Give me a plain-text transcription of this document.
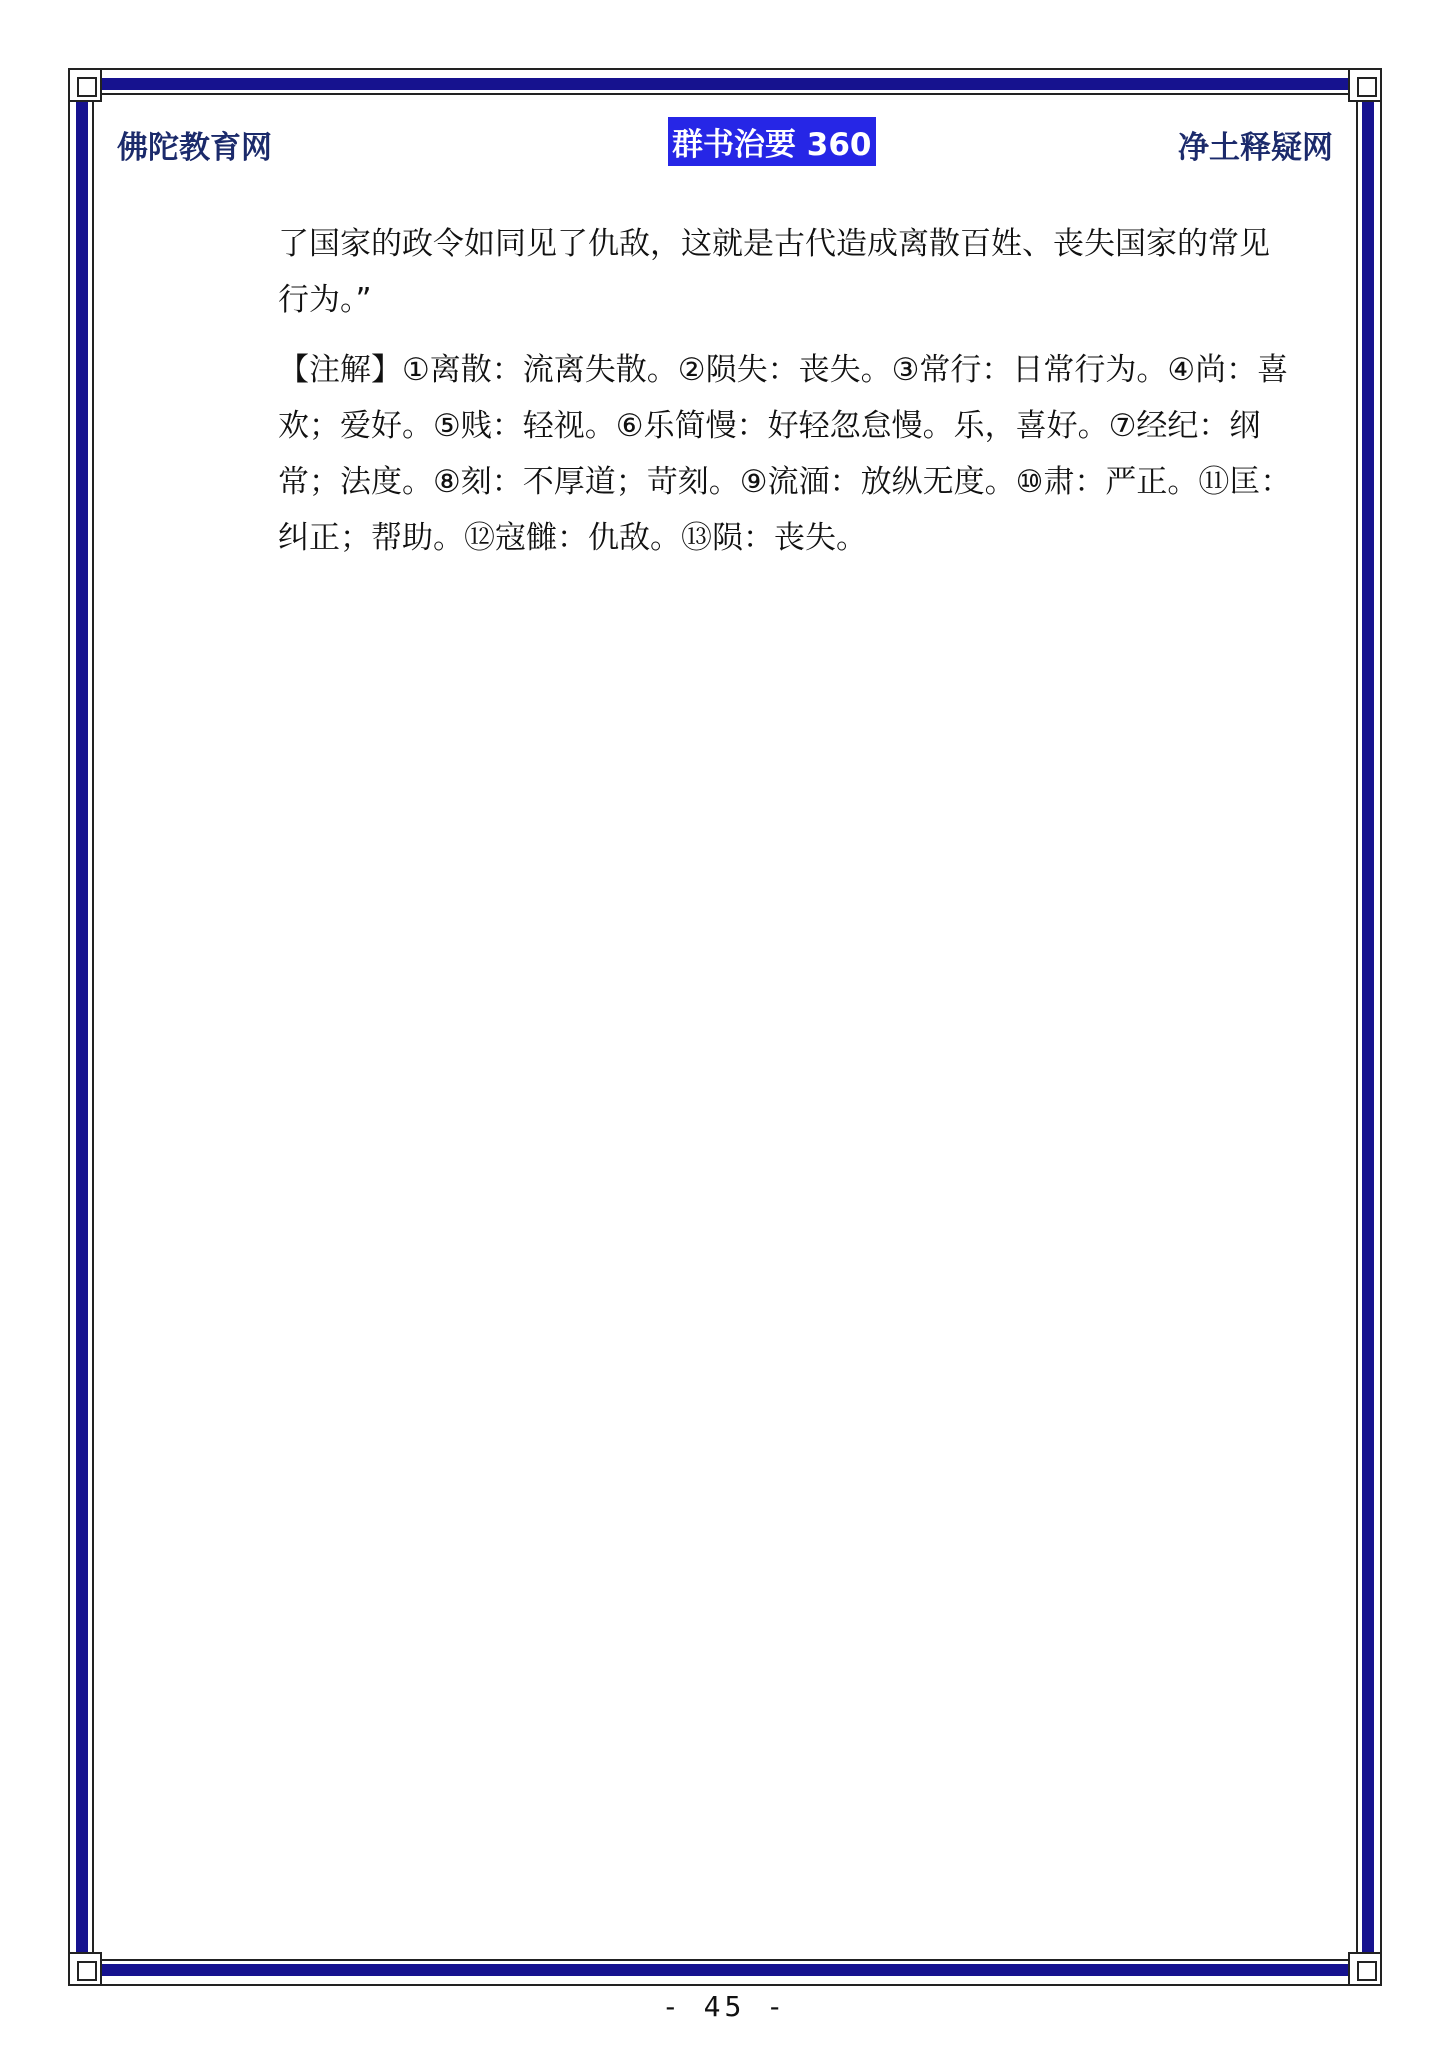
佛陀教育网	群书治要 360	净土释疑网

了国家的政令如同见了仇敌，这就是古代造成离散百姓、丧失国家的常见行为。”

【注解】①离散：流离失散。②陨失：丧失。③常行：日常行为。④尚：喜欢；爱好。⑤贱：轻视。⑥乐简慢：好轻忽怠慢。乐，喜好。⑦经纪：纲常；法度。⑧刻：不厚道；苛刻。⑨流湎：放纵无度。⑩肃：严正。⑪匡：纠正；帮助。⑫寇雠：仇敌。⑬陨：丧失。

- 45 -
